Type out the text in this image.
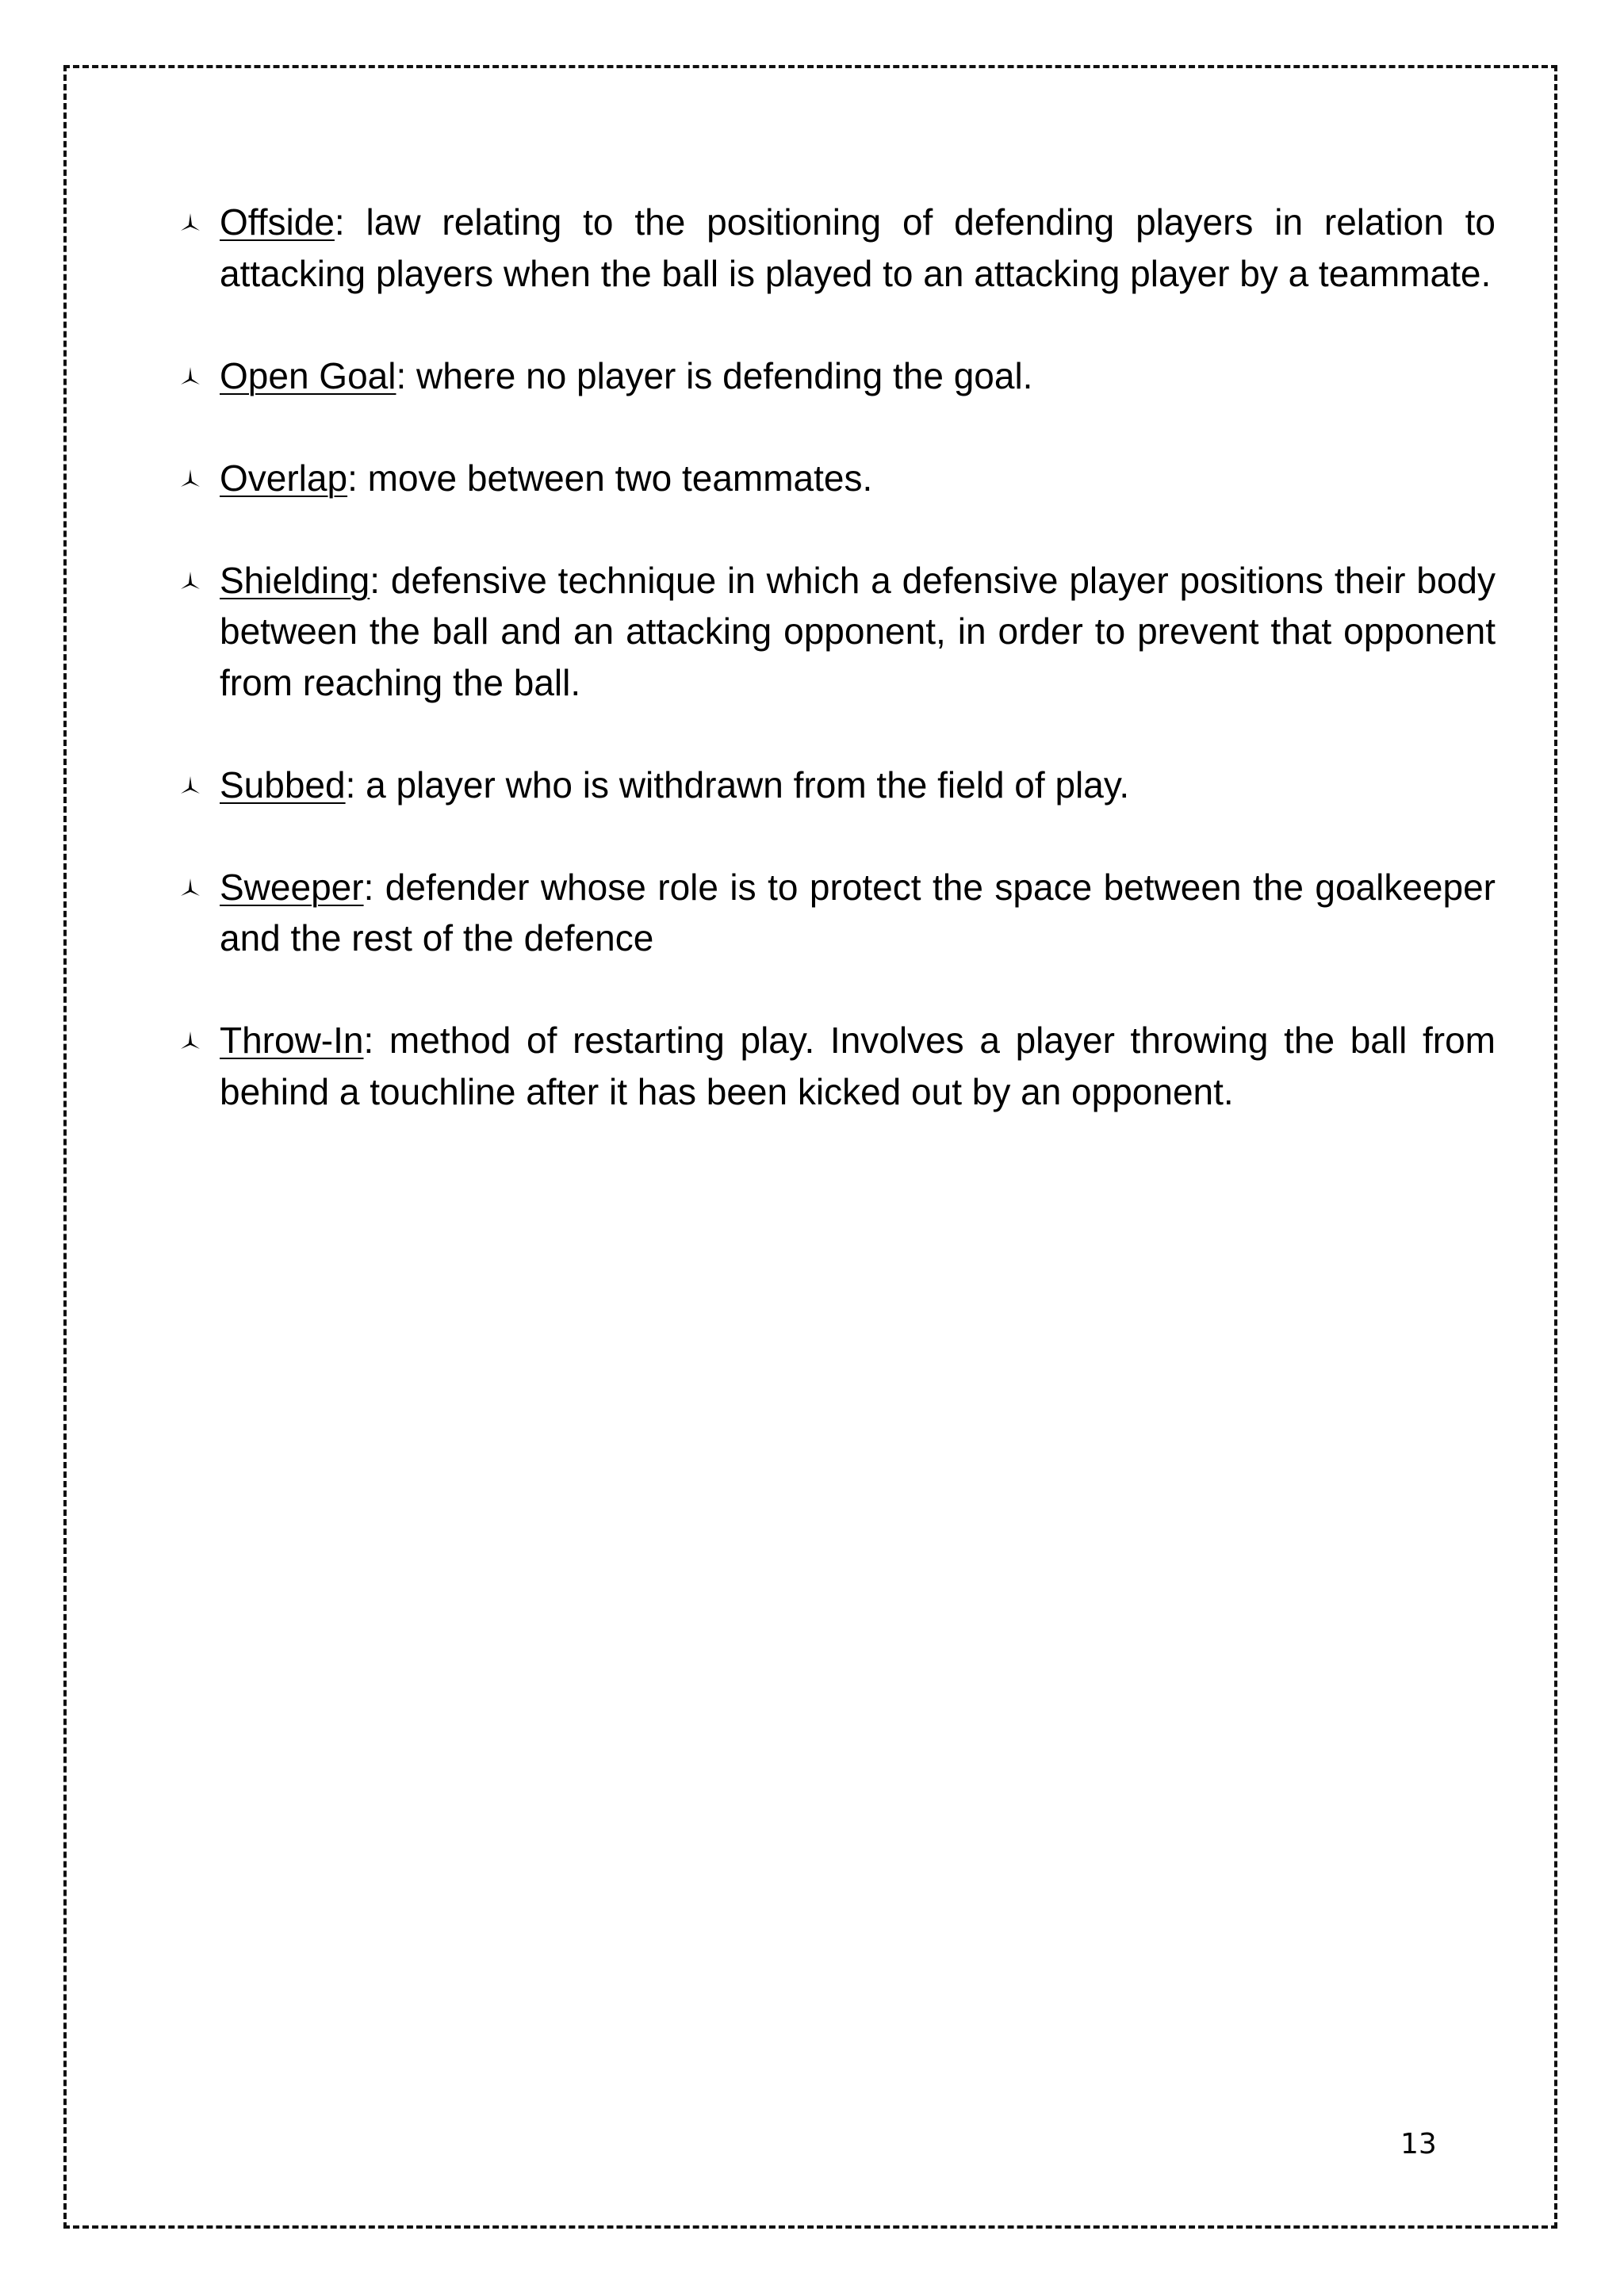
Offside: law relating to the positioning of defending players in relation to attacking players when the ball is played to an attacking player by a teammate.
Open Goal: where no player is defending the goal.
Overlap: move between two teammates.
Shielding: defensive technique in which a defensive player positions their body between the ball and an attacking opponent, in order to prevent that opponent from reaching the ball.
Subbed: a player who is withdrawn from the field of play.
Sweeper: defender whose role is to protect the space between the goalkeeper and the rest of the defence
Throw-In: method of restarting play. Involves a player throwing the ball from behind a touchline after it has been kicked out by an opponent.
13
